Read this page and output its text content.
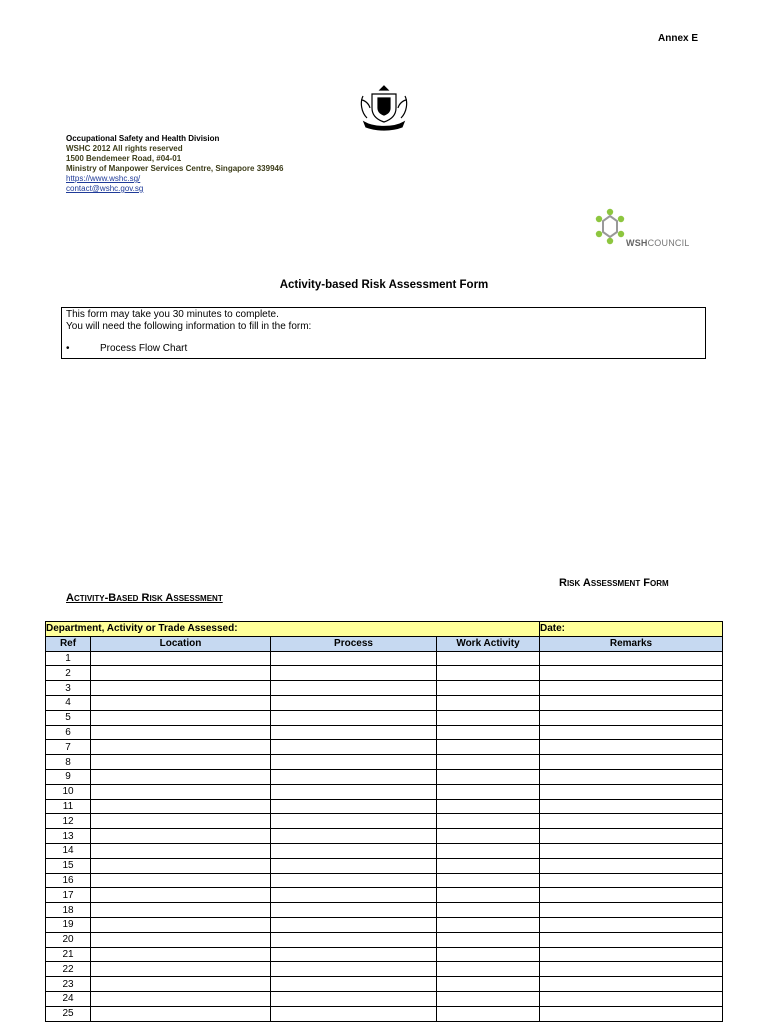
Annex E
Occupational Safety and Health Division
WSHC 2012 All rights reserved
1500 Bendemeer Road, #04-01
Ministry of Manpower Services Centre, Singapore 339946
https://www.wshc.sg/
contact@wshc.gov.sg
WSHCOUNCIL
Activity-based Risk Assessment Form
This form may take you 30 minutes to complete.
You will need the following information to fill in the form:
•	Process Flow Chart
Risk Assessment Form
Activity-Based Risk Assessment
Department, Activity or Trade Assessed:				Date:
Ref	Location	Process	Work Activity	Remarks
1				
2				
3				
4				
5				
6				
7				
8				
9				
10				
11				
12				
13				
14				
15				
16				
17				
18				
19				
20				
21				
22				
23				
24				
25				
